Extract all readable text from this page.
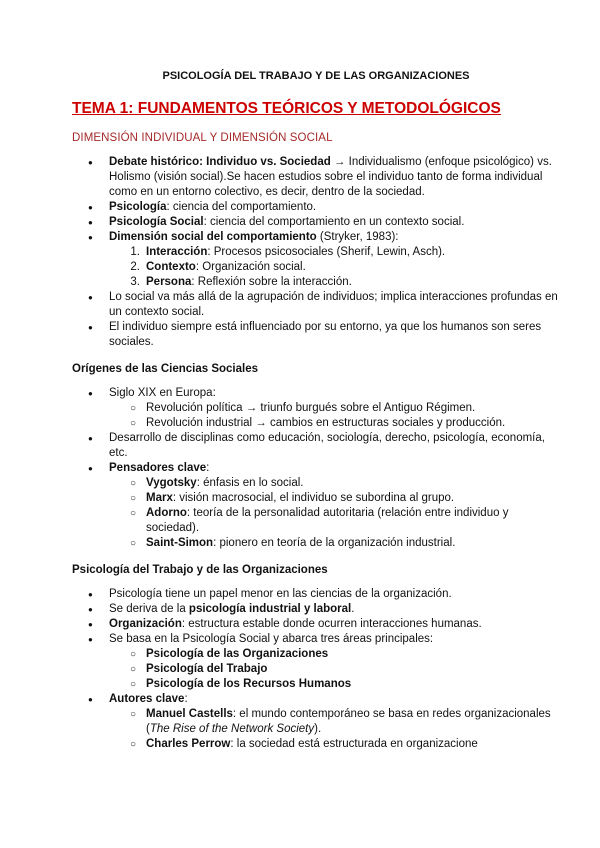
PSICOLOGÍA DEL TRABAJO Y DE LAS ORGANIZACIONES

TEMA 1: FUNDAMENTOS TEÓRICOS Y METODOLÓGICOS

DIMENSIÓN INDIVIDUAL Y DIMENSIÓN SOCIAL

● Debate histórico: Individuo vs. Sociedad → Individualismo (enfoque psicológico) vs. Holismo (visión social).Se hacen estudios sobre el individuo tanto de forma individual como en un entorno colectivo, es decir, dentro de la sociedad.
● Psicología: ciencia del comportamiento.
● Psicología Social: ciencia del comportamiento en un contexto social.
● Dimensión social del comportamiento (Stryker, 1983):
1. Interacción: Procesos psicosociales (Sherif, Lewin, Asch).
2. Contexto: Organización social.
3. Persona: Reflexión sobre la interacción.
● Lo social va más allá de la agrupación de individuos; implica interacciones profundas en un contexto social.
● El individuo siempre está influenciado por su entorno, ya que los humanos son seres sociales.

Orígenes de las Ciencias Sociales

● Siglo XIX en Europa:
○ Revolución política → triunfo burgués sobre el Antiguo Régimen.
○ Revolución industrial → cambios en estructuras sociales y producción.
● Desarrollo de disciplinas como educación, sociología, derecho, psicología, economía, etc.
● Pensadores clave:
○ Vygotsky: énfasis en lo social.
○ Marx: visión macrosocial, el individuo se subordina al grupo.
○ Adorno: teoría de la personalidad autoritaria (relación entre individuo y sociedad).
○ Saint-Simon: pionero en teoría de la organización industrial.

Psicología del Trabajo y de las Organizaciones

● Psicología tiene un papel menor en las ciencias de la organización.
● Se deriva de la psicología industrial y laboral.
● Organización: estructura estable donde ocurren interacciones humanas.
● Se basa en la Psicología Social y abarca tres áreas principales:
○ Psicología de las Organizaciones
○ Psicología del Trabajo
○ Psicología de los Recursos Humanos
● Autores clave:
○ Manuel Castells: el mundo contemporáneo se basa en redes organizacionales (The Rise of the Network Society).
○ Charles Perrow: la sociedad está estructurada en organizacione
